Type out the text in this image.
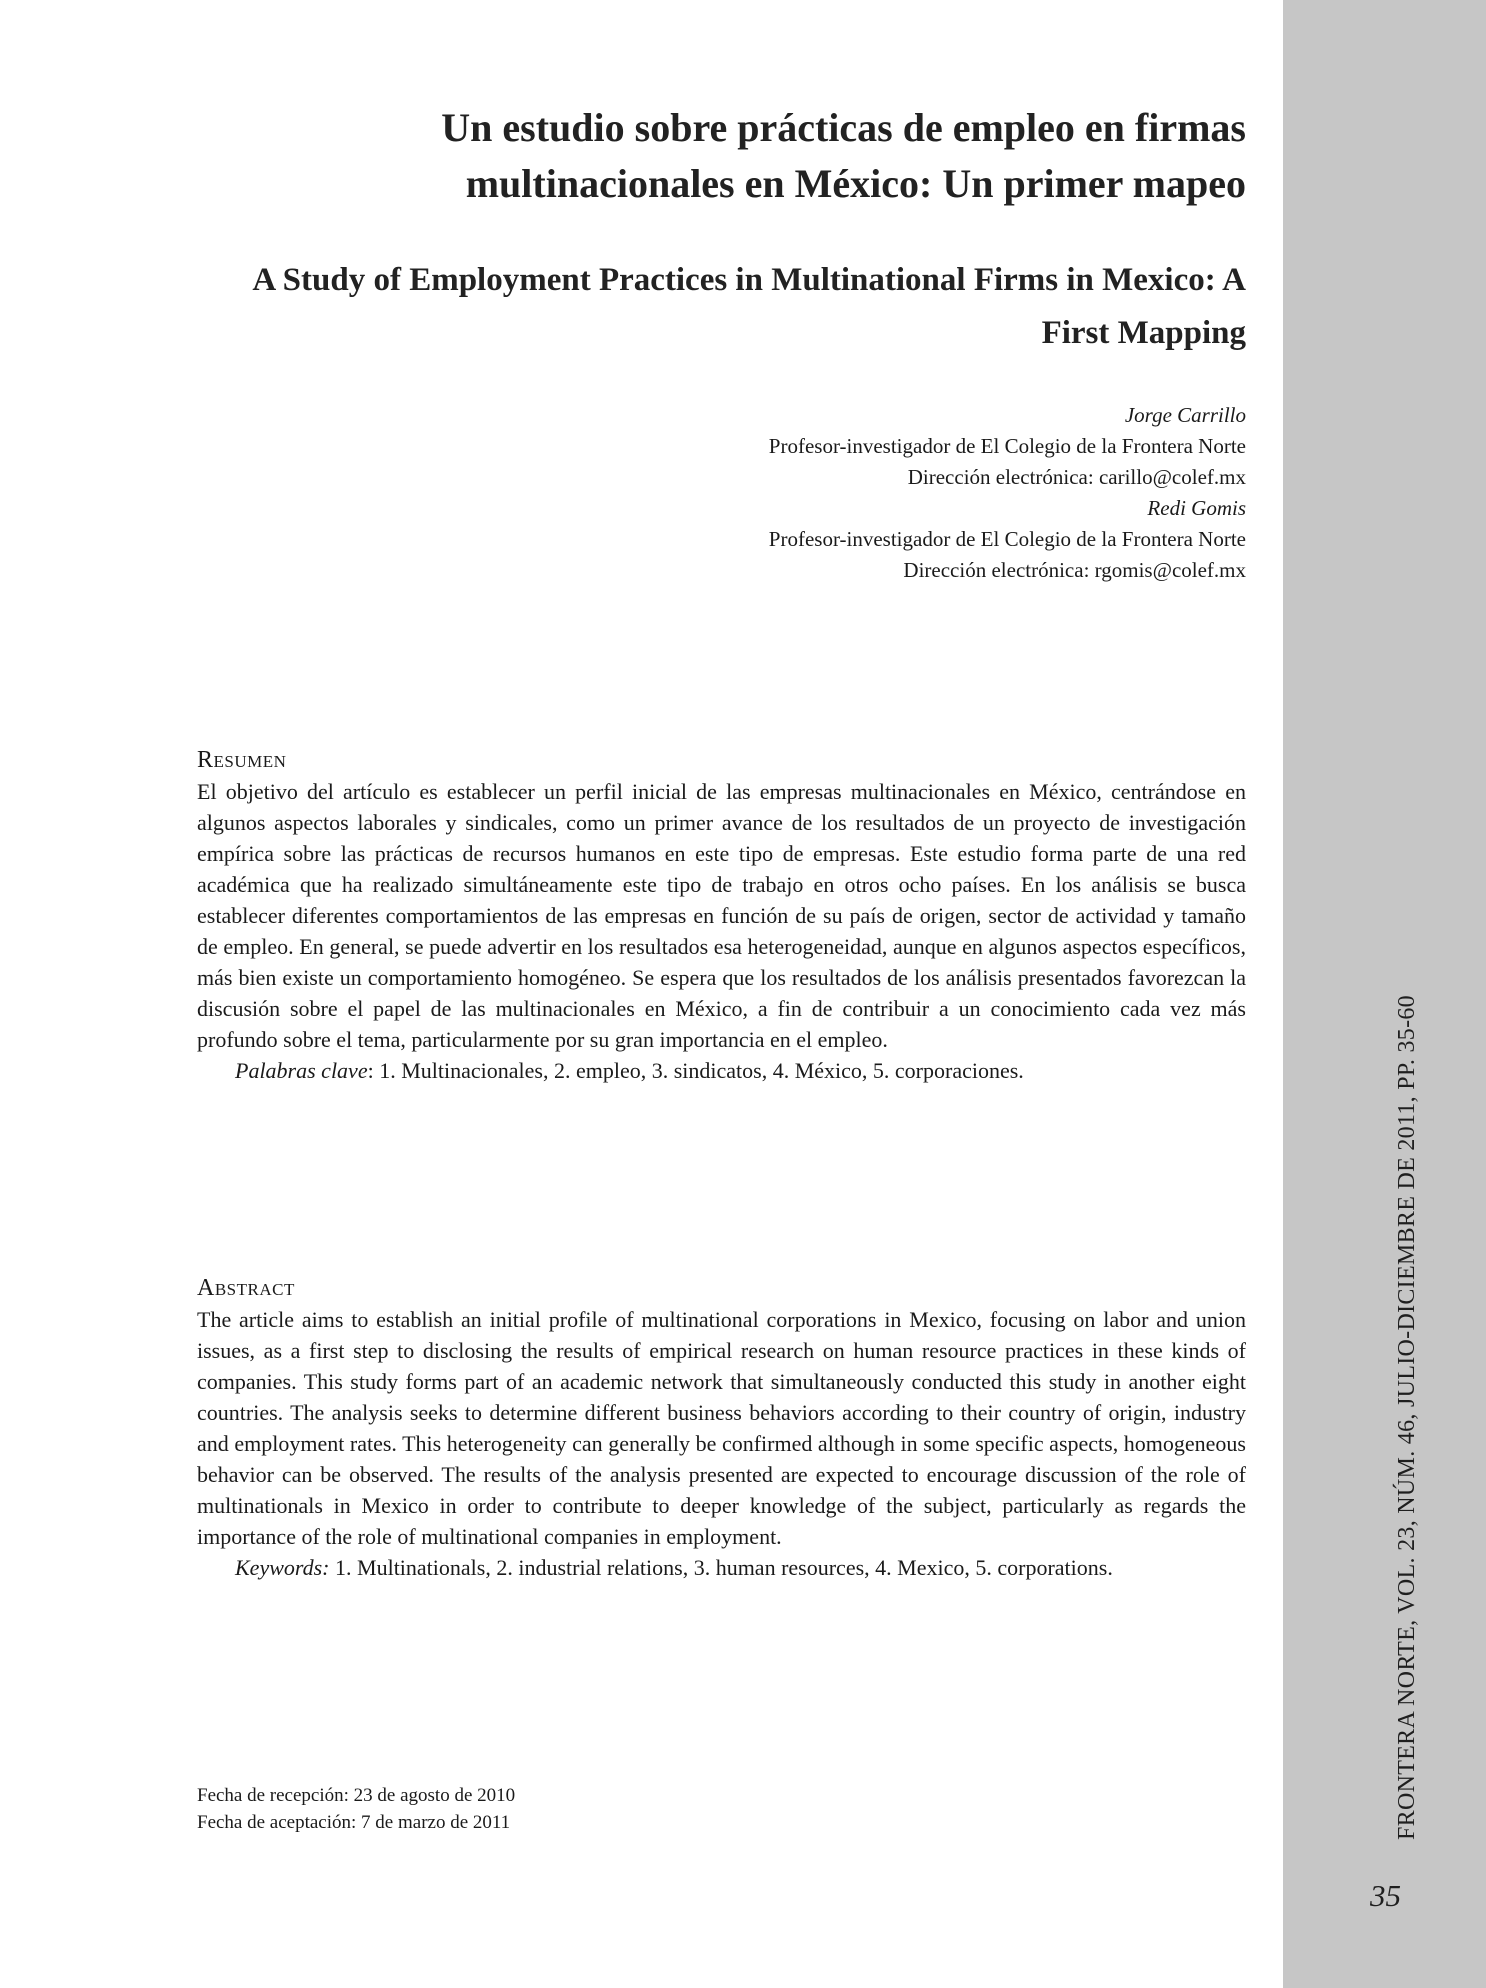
FRONTERA NORTE, VOL. 23, NÚM. 46, JULIO-DICIEMBRE DE 2011, PP. 35-60
35
Un estudio sobre prácticas de empleo en firmas multinacionales en México: Un primer mapeo
A Study of Employment Practices in Multinational Firms in Mexico: A First Mapping
Jorge Carrillo
Profesor-investigador de El Colegio de la Frontera Norte
Dirección electrónica: carillo@colef.mx
Redi Gomis
Profesor-investigador de El Colegio de la Frontera Norte
Dirección electrónica: rgomis@colef.mx
Resumen

El objetivo del artículo es establecer un perfil inicial de las empresas multinacionales en México, centrándose en algunos aspectos laborales y sindicales, como un primer avance de los resultados de un proyecto de investigación empírica sobre las prácticas de recursos humanos en este tipo de empresas. Este estudio forma parte de una red académica que ha realizado simultáneamente este tipo de trabajo en otros ocho países. En los análisis se busca establecer diferentes comportamientos de las empresas en función de su país de origen, sector de actividad y tamaño de empleo. En general, se puede advertir en los resultados esa heterogeneidad, aunque en algunos aspectos específicos, más bien existe un comportamiento homogéneo. Se espera que los resultados de los análisis presentados favorezcan la discusión sobre el papel de las multinacionales en México, a fin de contribuir a un conocimiento cada vez más profundo sobre el tema, particularmente por su gran importancia en el empleo.

Palabras clave: 1. Multinacionales, 2. empleo, 3. sindicatos, 4. México, 5. corporaciones.

Abstract

The article aims to establish an initial profile of multinational corporations in Mexico, focusing on labor and union issues, as a first step to disclosing the results of empirical research on human resource practices in these kinds of companies. This study forms part of an academic network that simultaneously conducted this study in another eight countries. The analysis seeks to determine different business behaviors according to their country of origin, industry and employment rates. This heterogeneity can generally be confirmed although in some specific aspects, homogeneous behavior can be observed. The results of the analysis presented are expected to encourage discussion of the role of multinationals in Mexico in order to contribute to deeper knowledge of the subject, particularly as regards the importance of the role of multinational companies in employment.

Keywords: 1. Multinationals, 2. industrial relations, 3. human resources, 4. Mexico, 5. corporations.

Fecha de recepción: 23 de agosto de 2010
Fecha de aceptación: 7 de marzo de 2011
